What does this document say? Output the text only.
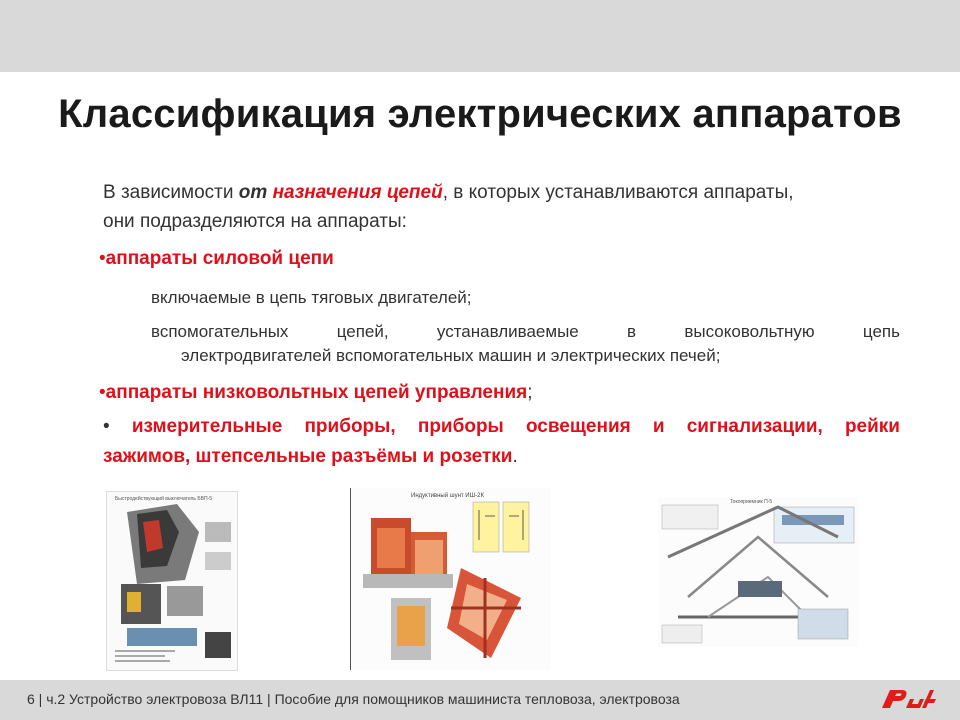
Классификация электрических аппаратов

В зависимости от назначения цепей, в которых устанавливаются аппараты,
они подразделяются на аппараты:

•аппараты силовой цепи

включаемые в цепь тяговых двигателей;

вспомогательных цепей, устанавливаемые в высоковольтную цепь

электродвигателей вспомогательных машин и электрических печей;

•аппараты низковольтных цепей управления;

• измерительные приборы, приборы освещения и сигнализации, рейки

зажимов, штепсельные разъёмы и розетки.

Быстродействующий выключатель БВП-5	Индуктивный шунт ИШ-2К
Токоприемник П-5
6 | ч.2 Устройство электровоза ВЛ11 | Пособие для помощников машиниста тепловоза, электровоза
